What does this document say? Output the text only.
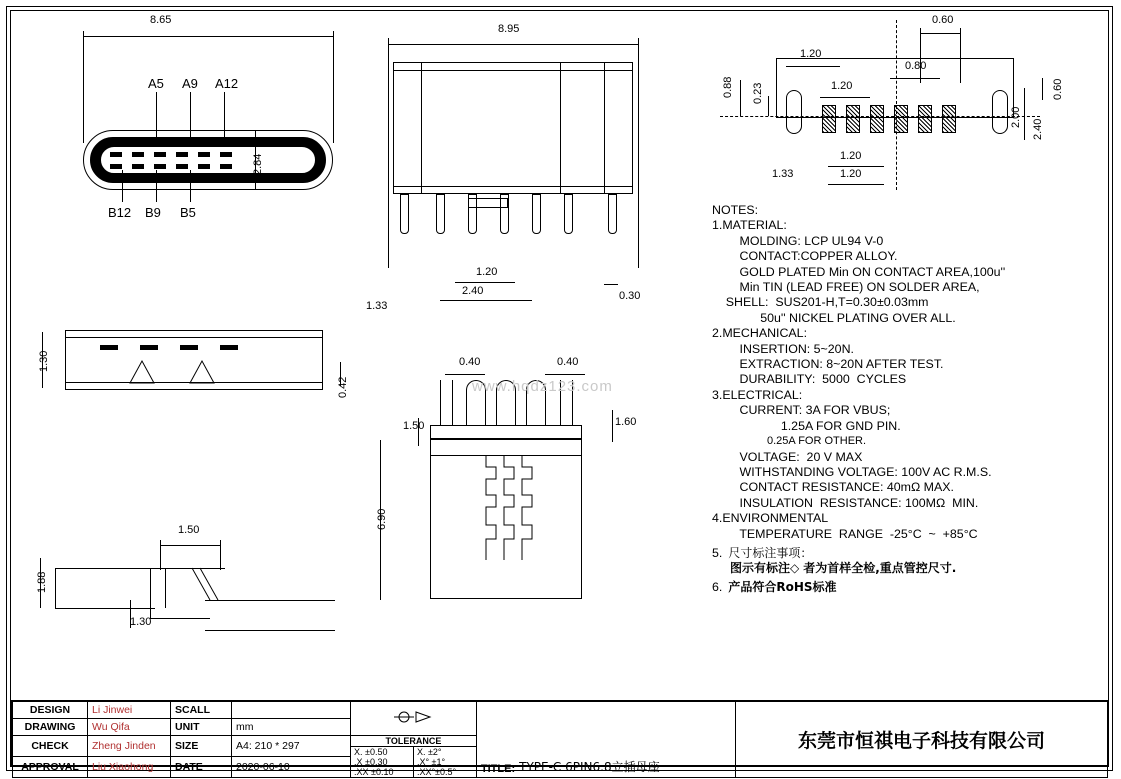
8.65
A5 A9 A12
B12 B9 B5
2.84
1.30
0.42
1.50
1.88
1.30
8.95
1.20
2.40
1.33
0.30
0.40	0.40
1.50	1.60
6.90
0.60
1.20
0.80
1.20
0.88 0.23	0.60
2.00
2.40
1.33	1.20
1.20
NOTES:
1.MATERIAL:
MOLDING: LCP UL94 V-0
CONTACT:COPPER ALLOY.
GOLD PLATED Min ON CONTACT AREA,100u''
Min TIN (LEAD FREE) ON SOLDER AREA,
SHELL:  SUS201-H,T=0.30±0.03mm
50u'' NICKEL PLATING OVER ALL.
2.MECHANICAL:
INSERTION: 5~20N.
EXTRACTION: 8~20N AFTER TEST.
DURABILITY:  5000  CYCLES
3.ELECTRICAL:
CURRENT: 3A FOR VBUS;
1.25A FOR GND PIN.
0.25A FOR OTHER.
VOLTAGE:  20 V MAX
WITHSTANDING VOLTAGE: 100V AC R.M.S.
CONTACT RESISTANCE: 40mΩ MAX.
INSULATION  RESISTANCE: 100MΩ  MIN.
4.ENVIRONMENTAL
TEMPERATURE  RANGE  -25°C  ~  +85°C
5. 尺寸标注事项：
图示有标注◇ 者为首样全检,重点管控尺寸.
6. 产品符合RoHS标准
www.hqdz123.com
DESIGN	Li Jinwei	SCALL			TITLE: TYPE-C 6PIN6.8立插母座	东莞市恒祺电子科技有限公司

DRAWING	Wu Qifa	UNIT	mm			
CHECK	Zheng Jinden	SIZE	A4: 210 * 297	TOLERANCE
X. ±0.50
.X ±0.30
.XX ±0.10
X. ±2°
.X° ±1°
.XX°±0.5°

APPROVAL	Liu Xiaohong	DATE	2020-06-10			
